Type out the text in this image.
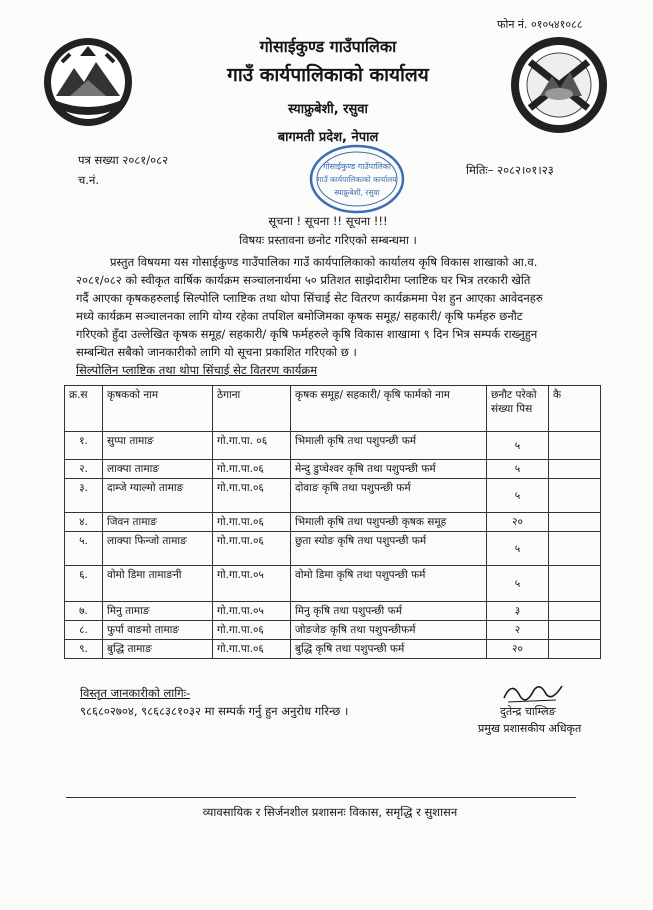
फोन नं. ०१०५४१०८८
गोसाईकुण्ड गाउँपालिका
गाउँ कार्यपालिकाको कार्यालय
स्याफ्रुबेशी, रसुवा
बागमती प्रदेश, नेपाल
पत्र सख्या २०८१/०८२
च.नं.
मितिः– २०८२।०१।२३
गोसाईकुण्ड गाउँपालिका
गाउँ कार्यपालिकाको कार्यालय
स्याफ्रुबेशी, रसुवा
सूचना ! सूचना !! सूचना !!!
विषयः प्रस्तावना छनोट गरिएको सम्बन्धमा ।
प्रस्तुत विषयमा यस गोसाईकुण्ड गाउँपालिका गाउँ कार्यपालिकाको कार्यालय कृषि विकास शाखाको आ.व.
२०८१/०८२ को स्वीकृत वार्षिक कार्यक्रम सञ्चालनार्थमा ५० प्रतिशत साझेदारीमा प्लाष्टिक घर भित्र तरकारी खेति
गर्दै आएका कृषकहरुलाई सिल्पोलि प्लाष्टिक तथा थोपा सिंचाई सेट वितरण कार्यक्रममा पेश हुन आएका आवेदनहरु
मध्ये कार्यक्रम सञ्चालनका लागि योग्य रहेका तपशिल बमोजिमका कृषक समूह/ सहकारी/ कृषि फर्महरु छनौट
गरिएको हुँदा उल्लेखित कृषक समूह/ सहकारी/ कृषि फर्महरुले कृषि विकास शाखामा ९ दिन भित्र सम्पर्क राख्नुहुन
सम्बन्धित सबैको जानकारीको लागि यो सूचना प्रकाशित गरिएको छ ।
सिल्पोलिन प्लाष्टिक तथा थोपा सिंचाई सेट वितरण कार्यक्रम
क्र.स	कृषकको नाम	ठेगाना	कृषक समूह/ सहकारी/ कृषि फार्मको नाम	छनौट परेको संख्या पिस	कै
१.	सुप्पा तामाङ	गो.गा.पा. ०६	भिमाली कृषि तथा पशुपन्छी फर्म	५	
२.	लाक्पा तामाङ	गो.गा.पा.०६	मेन्दु डुप्चेश्वर कृषि तथा पशुपन्छी फर्म	५	
३.	दाम्जे ग्याल्मो तामाङ	गो.गा.पा.०६	दोवाङ कृषि तथा पशुपन्छी फर्म	५	
४.	जिवन तामाङ	गो.गा.पा.०६	भिमाली कृषि तथा पशुपन्छी कृषक समूह	२०	
५.	लाक्पा फिन्जो तामाङ	गो.गा.पा.०६	छुता स्योङ कृषि तथा पशुपन्छी फर्म	५	
६.	वोमो डिमा तामाङनी	गो.गा.पा.०५	वोमो डिमा कृषि तथा पशुपन्छी फर्म	५	
७.	मिनु तामाङ	गो.गा.पा.०५	मिनु कृषि तथा पशुपन्छी फर्म	३	
८.	फुर्पा वाङमो तामाङ	गो.गा.पा.०६	जोङजेङ कृषि तथा पशुपन्छीफर्म	२	
९.	बुद्धि तामाङ	गो.गा.पा.०६	बुद्धि कृषि तथा पशुपन्छी फर्म	२०	
विस्तृत जानकारीको लागिः-
९८६८०२७०४, ९८६८३८१०३२ मा सम्पर्क गर्नु हुन अनुरोध गरिन्छ ।	दुतेन्द्र चाम्लिङ
प्रमुख प्रशासकीय अधिकृत
व्यावसायिक र सिर्जनशील प्रशासनः विकास, समृद्धि र सुशासन
